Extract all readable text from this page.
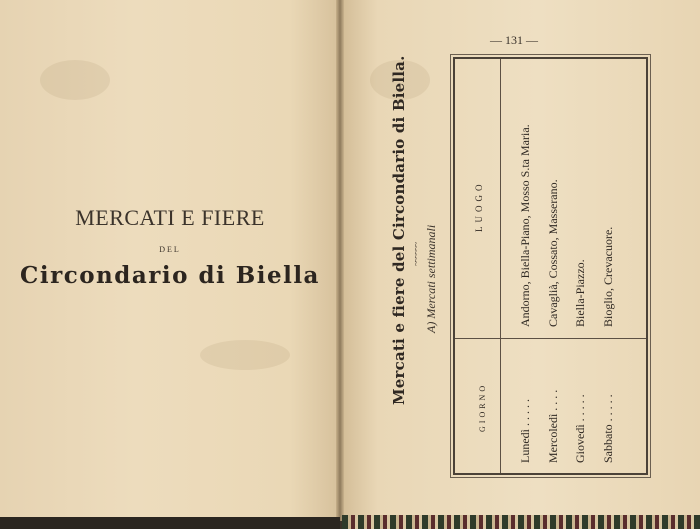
MERCATI E FIERE
DEL
Circondario di Biella
— 131 —
Mercati e fiere del Circondario di Biella. ~~~~~~ A) Mercati settimanali
LUOGO
GIORNO	Lunedì . . . . . Mercoledì . . . . Giovedì . . . . . Sabbato . . . . .
Andorno, Biella-Piano, Mosso S.ta Maria. Cavaglià, Cossato, Masserano. Biella-Piazzo. Bioglio, Crevacuore.
